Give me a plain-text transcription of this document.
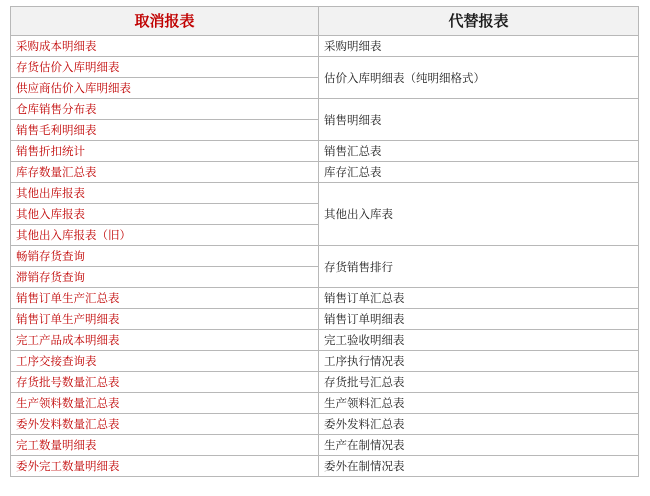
取消报表	代替报表
采购成本明细表	采购明细表
存货估价入库明细表	估价入库明细表（纯明细格式）
供应商估价入库明细表	
仓库销售分布表	销售明细表
销售毛利明细表	
销售折扣统计	销售汇总表
库存数量汇总表	库存汇总表
其他出库报表	其他出入库表
其他入库报表	
其他出入库报表（旧）	
畅销存货查询	存货销售排行
滞销存货查询	
销售订单生产汇总表	销售订单汇总表
销售订单生产明细表	销售订单明细表
完工产品成本明细表	完工验收明细表
工序交接查询表	工序执行情况表
存货批号数量汇总表	存货批号汇总表
生产领料数量汇总表	生产领料汇总表
委外发料数量汇总表	委外发料汇总表
完工数量明细表	生产在制情况表
委外完工数量明细表	委外在制情况表
